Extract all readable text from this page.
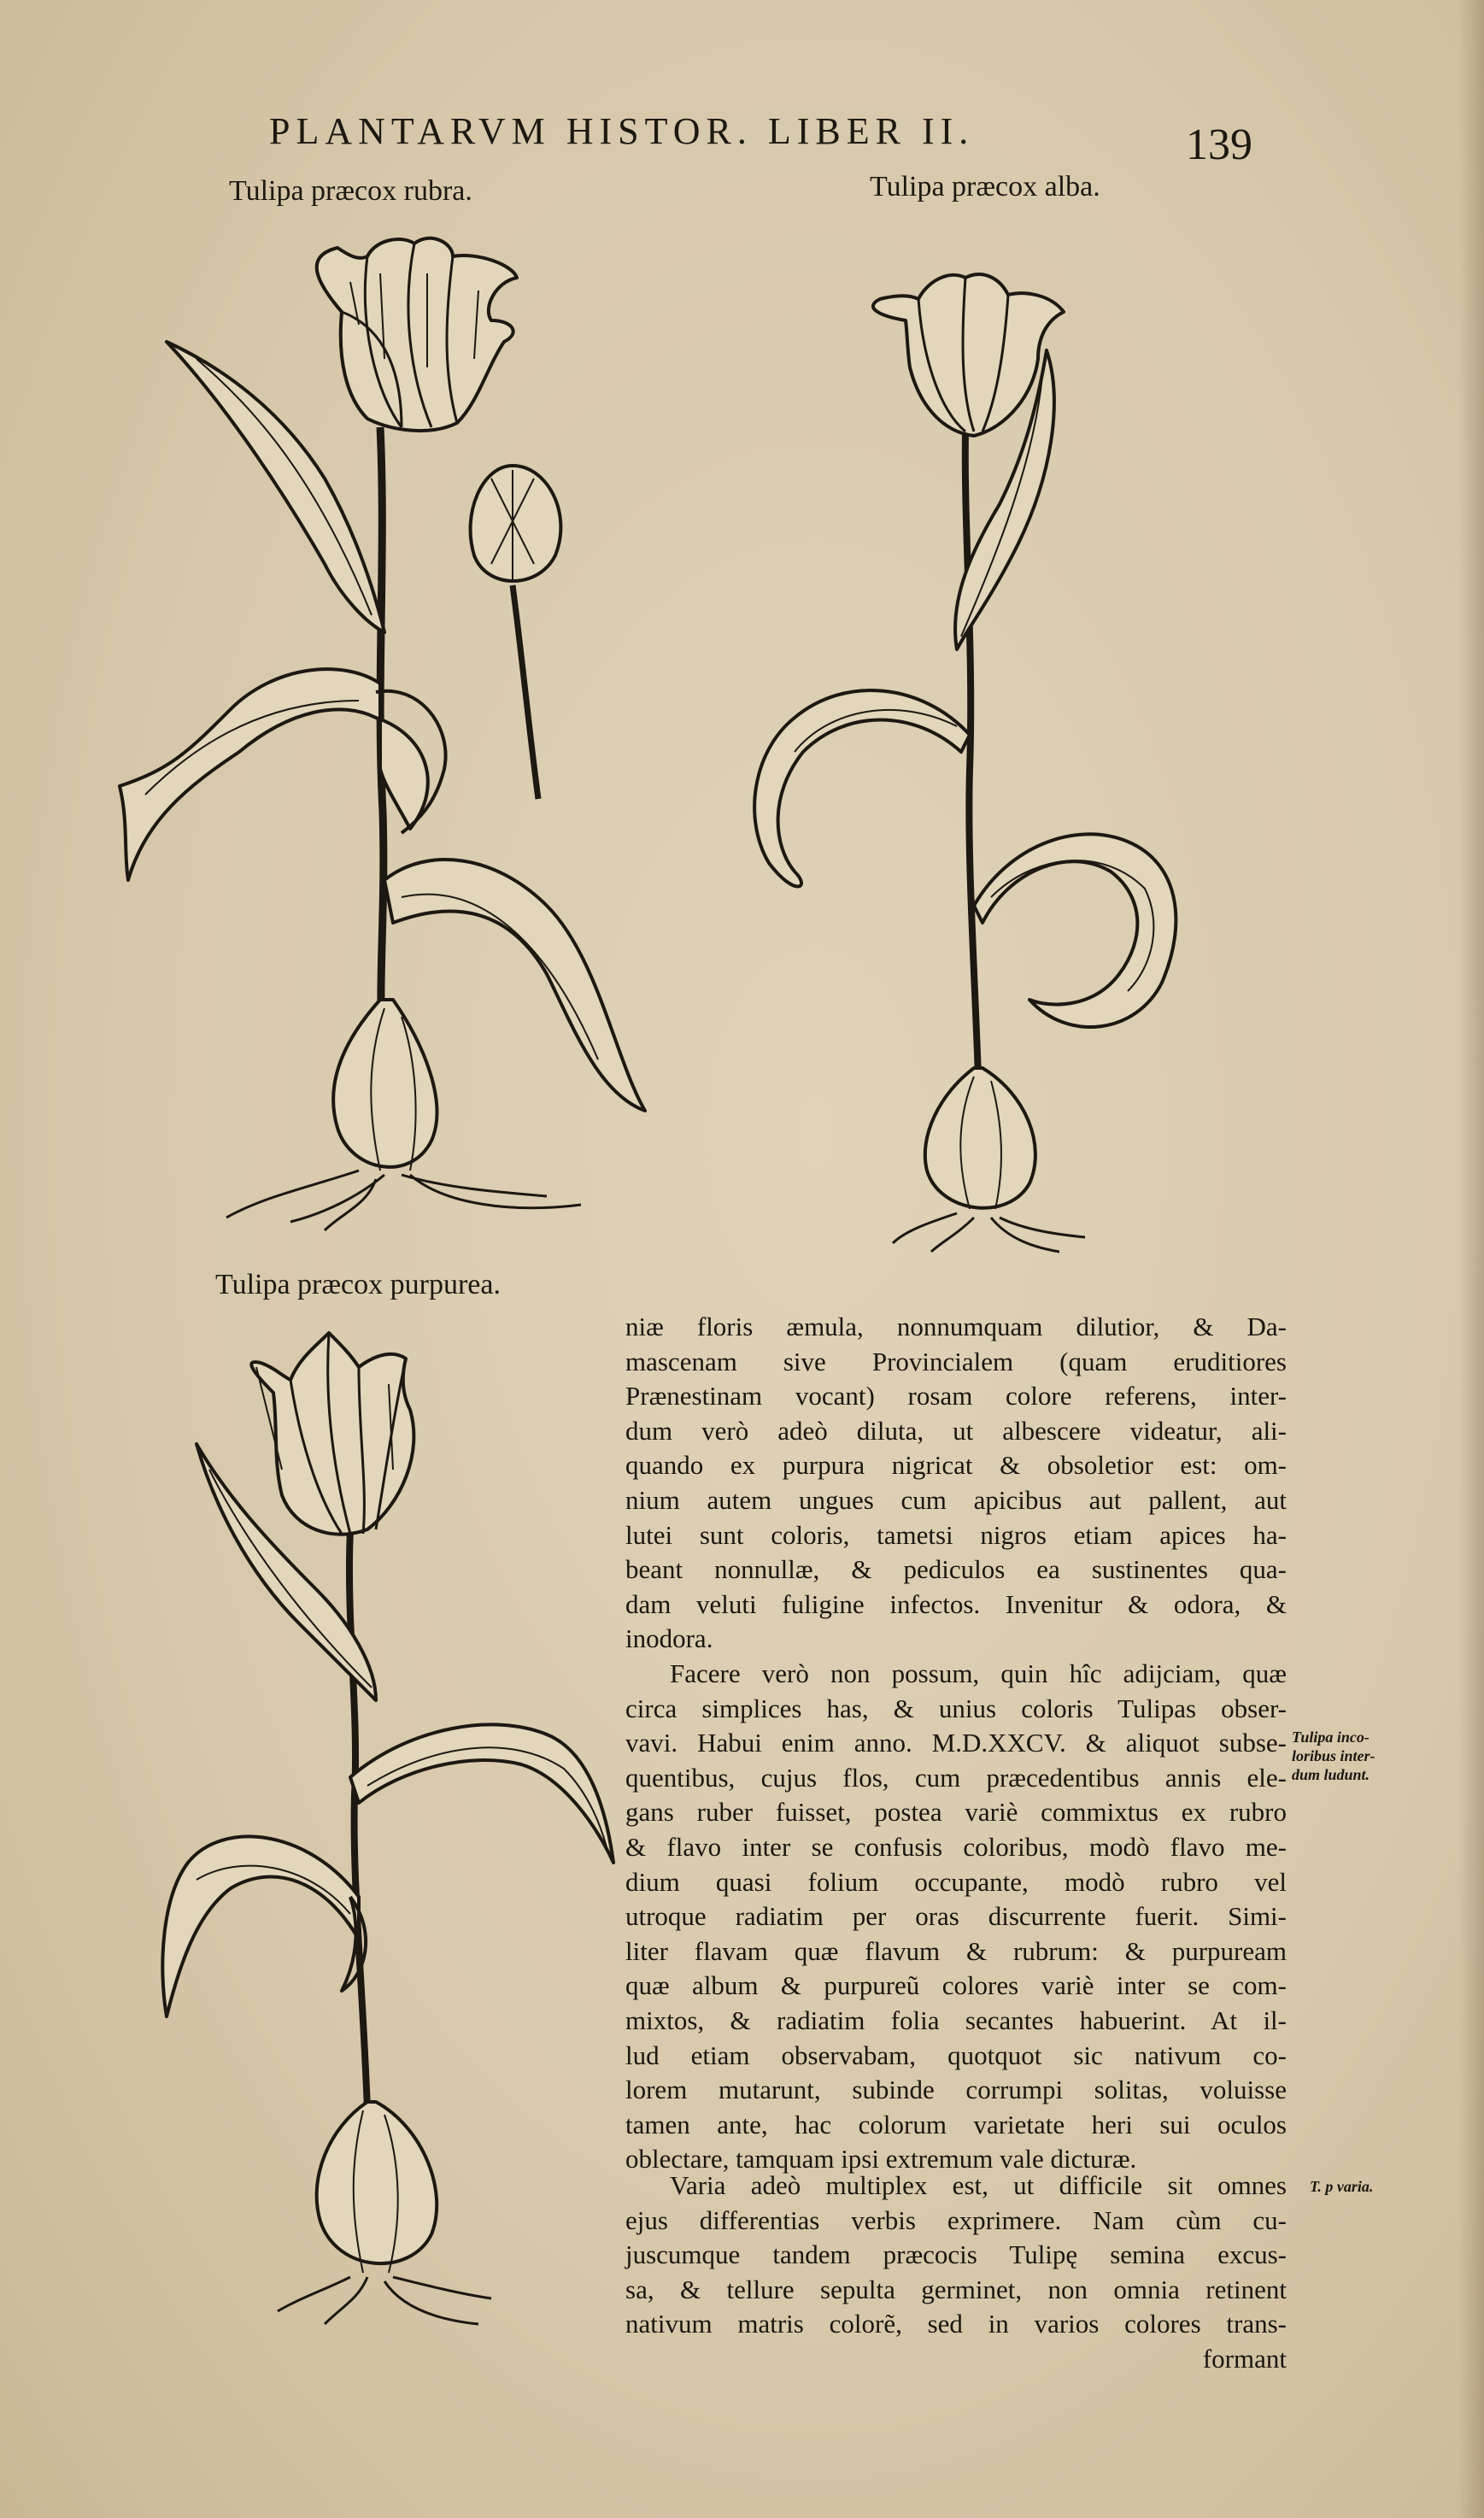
PLANTARVM HISTOR. LIBER II.	139
Tulipa præcox rubra.	Tulipa præcox alba.
Tulipa præcox purpurea.
niæ floris æmula, nonnumquam dilutior, & Da-
mascenam sive Provincialem (quam eruditiores
Prænestinam vocant) rosam colore referens, inter-
dum verò adeò diluta, ut albescere videatur, ali-
quando ex purpura nigricat & obsoletior est: om-
nium autem ungues cum apicibus aut pallent, aut
lutei sunt coloris, tametsi nigros etiam apices ha-
beant nonnullæ, & pediculos ea sustinentes qua-
dam veluti fuligine infectos. Invenitur & odora, &
inodora.
Facere verò non possum, quin hîc adijciam, quæ
circa simplices has, & unius coloris Tulipas obser-
vavi. Habui enim anno. M.D.XXCV. & aliquot subse-
quentibus, cujus flos, cum præcedentibus annis ele-
gans ruber fuisset, postea variè commixtus ex rubro
& flavo inter se confusis coloribus, modò flavo me-
dium quasi folium occupante, modò rubro vel
utroque radiatim per oras discurrente fuerit. Simi-
liter flavam quæ flavum & rubrum: & purpuream
quæ album & purpureũ colores variè inter se com-
mixtos, & radiatim folia secantes habuerint. At il-
lud etiam observabam, quotquot sic nativum co-
lorem mutarunt, subinde corrumpi solitas, voluisse
tamen ante, hac colorum varietate heri sui oculos
oblectare, tamquam ipsi extremum vale dicturæ.
Varia adeò multiplex est, ut difficile sit omnes
ejus differentias verbis exprimere. Nam cùm cu-
juscumque tandem præcocis Tulipę semina excus-
sa, & tellure sepulta germinet, non omnia retinent
nativum matris colorẽ, sed in varios colores trans-
formant
Tulipa inco-
loribus inter-
dum ludunt.
T. p varia.
